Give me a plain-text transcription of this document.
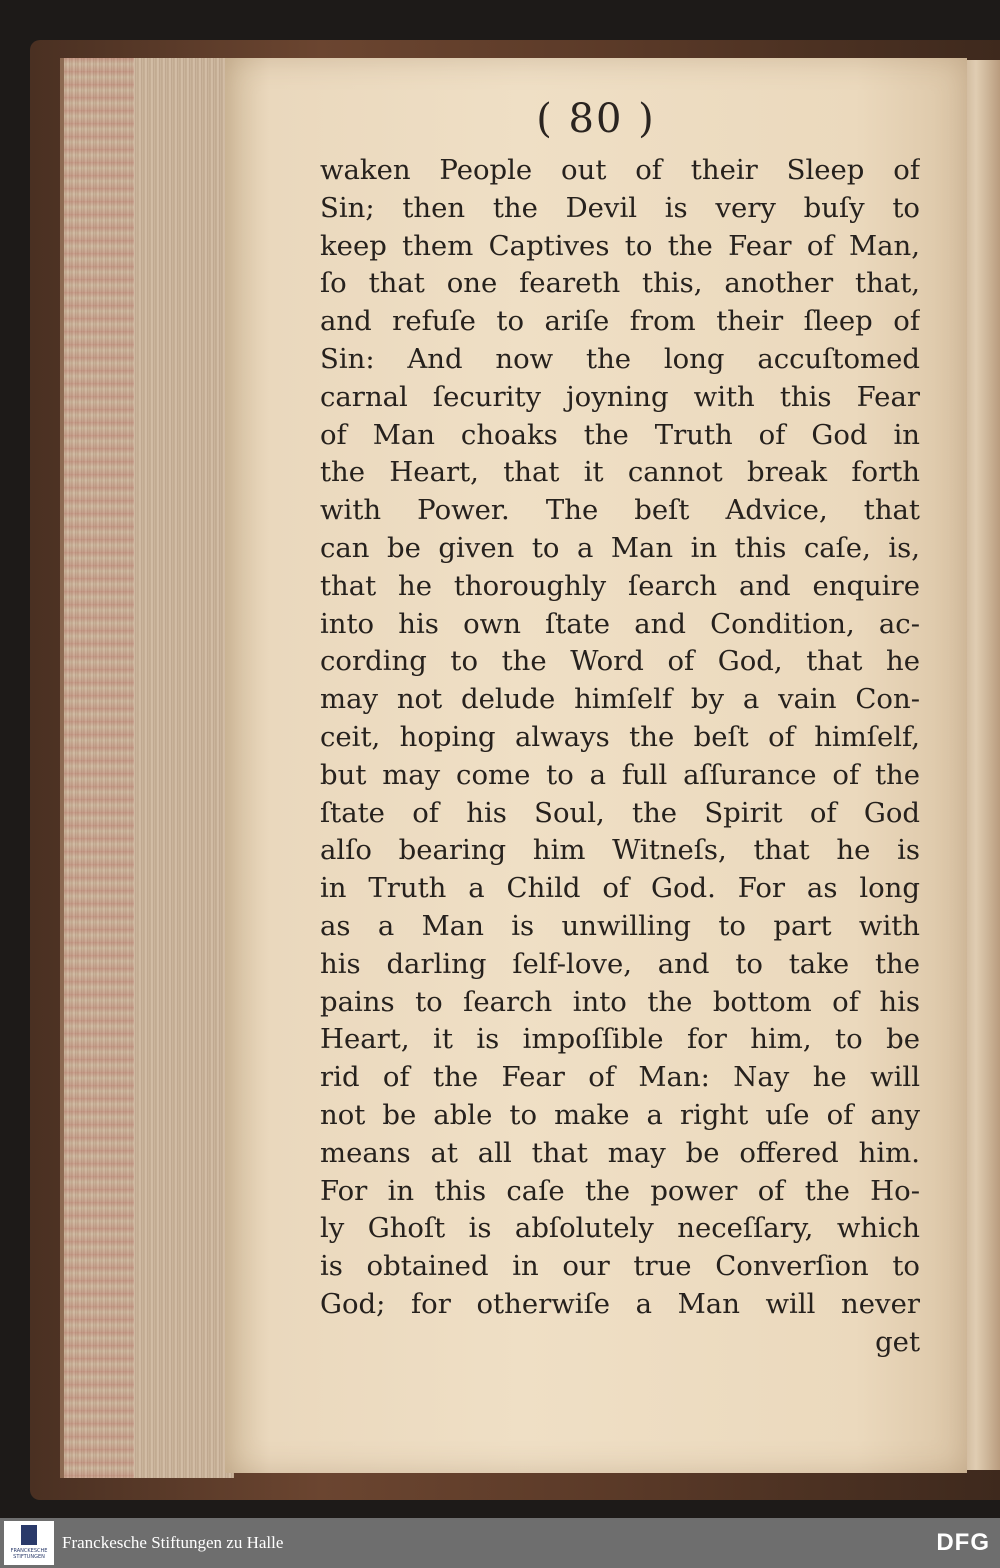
( 80 )

waken People out of their Sleep of
Sin; then the Devil is very buſy to
keep them Captives to the Fear of Man,
ſo that one feareth this, another that,
and refuſe to ariſe from their ſleep of
Sin: And now the long accuſtomed
carnal ſecurity joyning with this Fear
of Man choaks the Truth of God in
the Heart, that it cannot break forth
with Power. The beſt Advice, that
can be given to a Man in this caſe, is,
that he thoroughly ſearch and enquire
into his own ſtate and Condition, ac-
cording to the Word of God, that he
may not delude himſelf by a vain Con-
ceit, hoping always the beſt of himſelf,
but may come to a full aſſurance of the
ſtate of his Soul, the Spirit of God
alſo bearing him Witneſs, that he is
in Truth a Child of God. For as long
as a Man is unwilling to part with
his darling ſelf-love, and to take the
pains to ſearch into the bottom of his
Heart, it is impoſſible for him, to be
rid of the Fear of Man: Nay he will
not be able to make a right uſe of any
means at all that may be offered him.
For in this caſe the power of the Ho-
ly Ghoſt is abſolutely neceſſary, which
is obtained in our true Converſion to
God; for otherwiſe a Man will never
get
FRANCKESCHE STIFTUNGEN
Franckesche Stiftungen zu Halle	DFG
